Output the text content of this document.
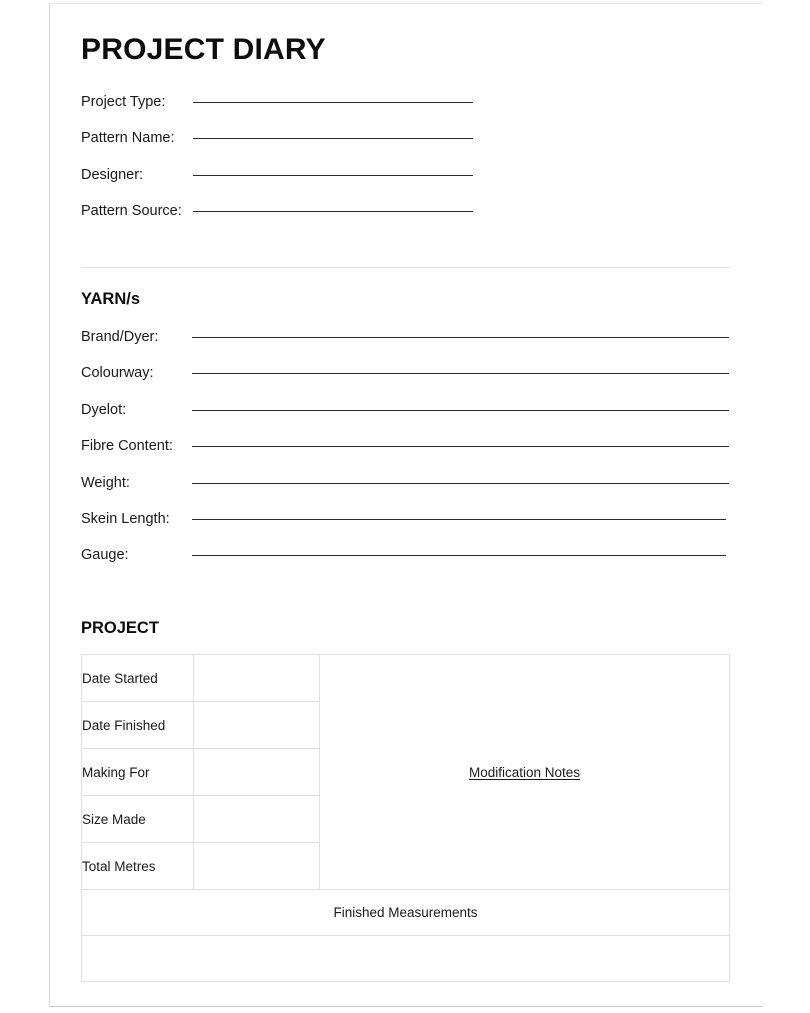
PROJECT DIARY
Project Type:
Pattern Name:
Designer:
Pattern Source:
YARN/s
Brand/Dyer:
Colourway:
Dyelot:
Fibre Content:
Weight:
Skein Length:
Gauge:
PROJECT
Date Started		Modification Notes
Date Finished		
Making For		
Size Made		
Total Metres		
Finished Measurements		
